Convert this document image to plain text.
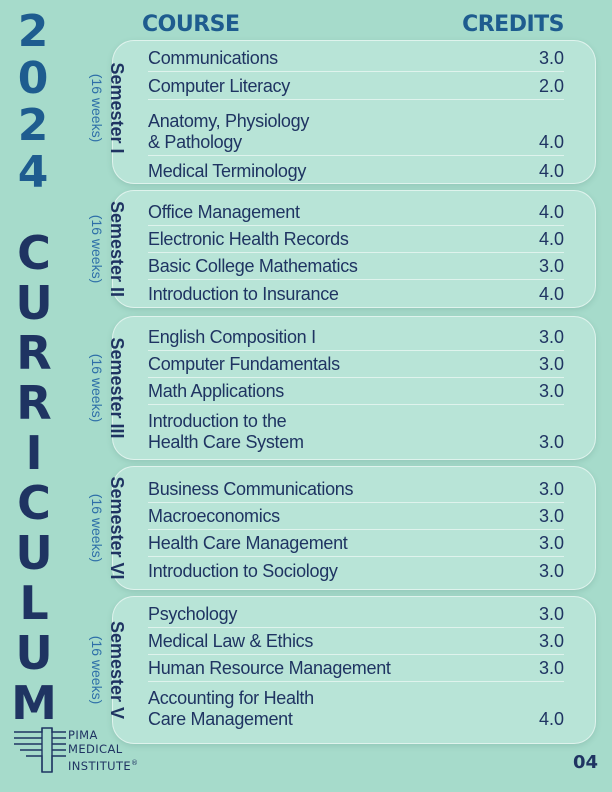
2
0
2
4
C
U
R
R
I
C
U
L
U
M
COURSE	CREDITS
Semester I
(16 weeks)
Communications	3.0
Computer Literacy	2.0
Anatomy, Physiology
& Pathology	4.0
Medical Terminology	4.0
Semester II
(16 weeks)
Office Management	4.0
Electronic Health Records	4.0
Basic College Mathematics	3.0
Introduction to Insurance	4.0
Semester III
(16 weeks)
English Composition I	3.0
Computer Fundamentals	3.0
Math Applications	3.0
Introduction to the
Health Care System	3.0
Semester VI
(16 weeks)
Business Communications	3.0
Macroeconomics	3.0
Health Care Management	3.0
Introduction to Sociology	3.0
Semester V
(16 weeks)
Psychology	3.0
Medical Law & Ethics	3.0
Human Resource Management	3.0
Accounting for Health
Care Management	4.0
PIMA
MEDICAL
INSTITUTE®	04
